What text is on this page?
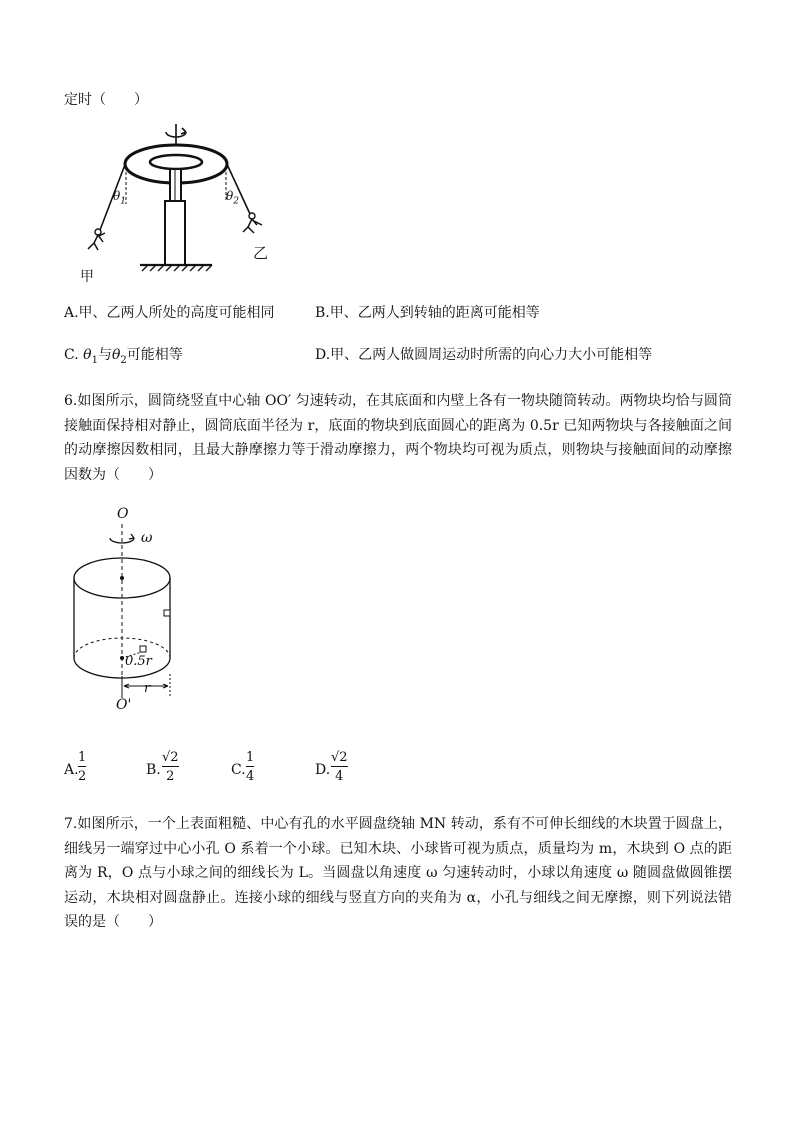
定时（　　）
$\theta_1$	$\theta_2$
甲
乙
A.甲、乙两人所处的高度可能相同	B.甲、乙两人到转轴的距离可能相等
C. $\theta_1$与$\theta_2$可能相等	D.甲、乙两人做圆周运动时所需的向心力大小可能相等
6.如图所示，圆筒绕竖直中心轴 OO′ 匀速转动，在其底面和内壁上各有一物块随筒转动。两物块均恰与圆筒接触面保持相对静止，圆筒底面半径为 r，底面的物块到底面圆心的距离为 0.5r 已知两物块与各接触面之间的动摩擦因数相同，且最大静摩擦力等于滑动摩擦力，两个物块均可视为质点，则物块与接触面间的动摩擦因数为（　　）
O
ω
0.5r
r
O'
A.
1
2	B.
√2
2	C.
1
4	D.
√2
4
7.如图所示，一个上表面粗糙、中心有孔的水平圆盘绕轴 MN 转动，系有不可伸长细线的木块置于圆盘上，细线另一端穿过中心小孔 O 系着一个小球。已知木块、小球皆可视为质点，质量均为 m，木块到 O 点的距离为 R，O 点与小球之间的细线长为 L。当圆盘以角速度 ω 匀速转动时，小球以角速度 ω 随圆盘做圆锥摆运动，木块相对圆盘静止。连接小球的细线与竖直方向的夹角为 α，小孔与细线之间无摩擦，则下列说法错误的是（　　）
